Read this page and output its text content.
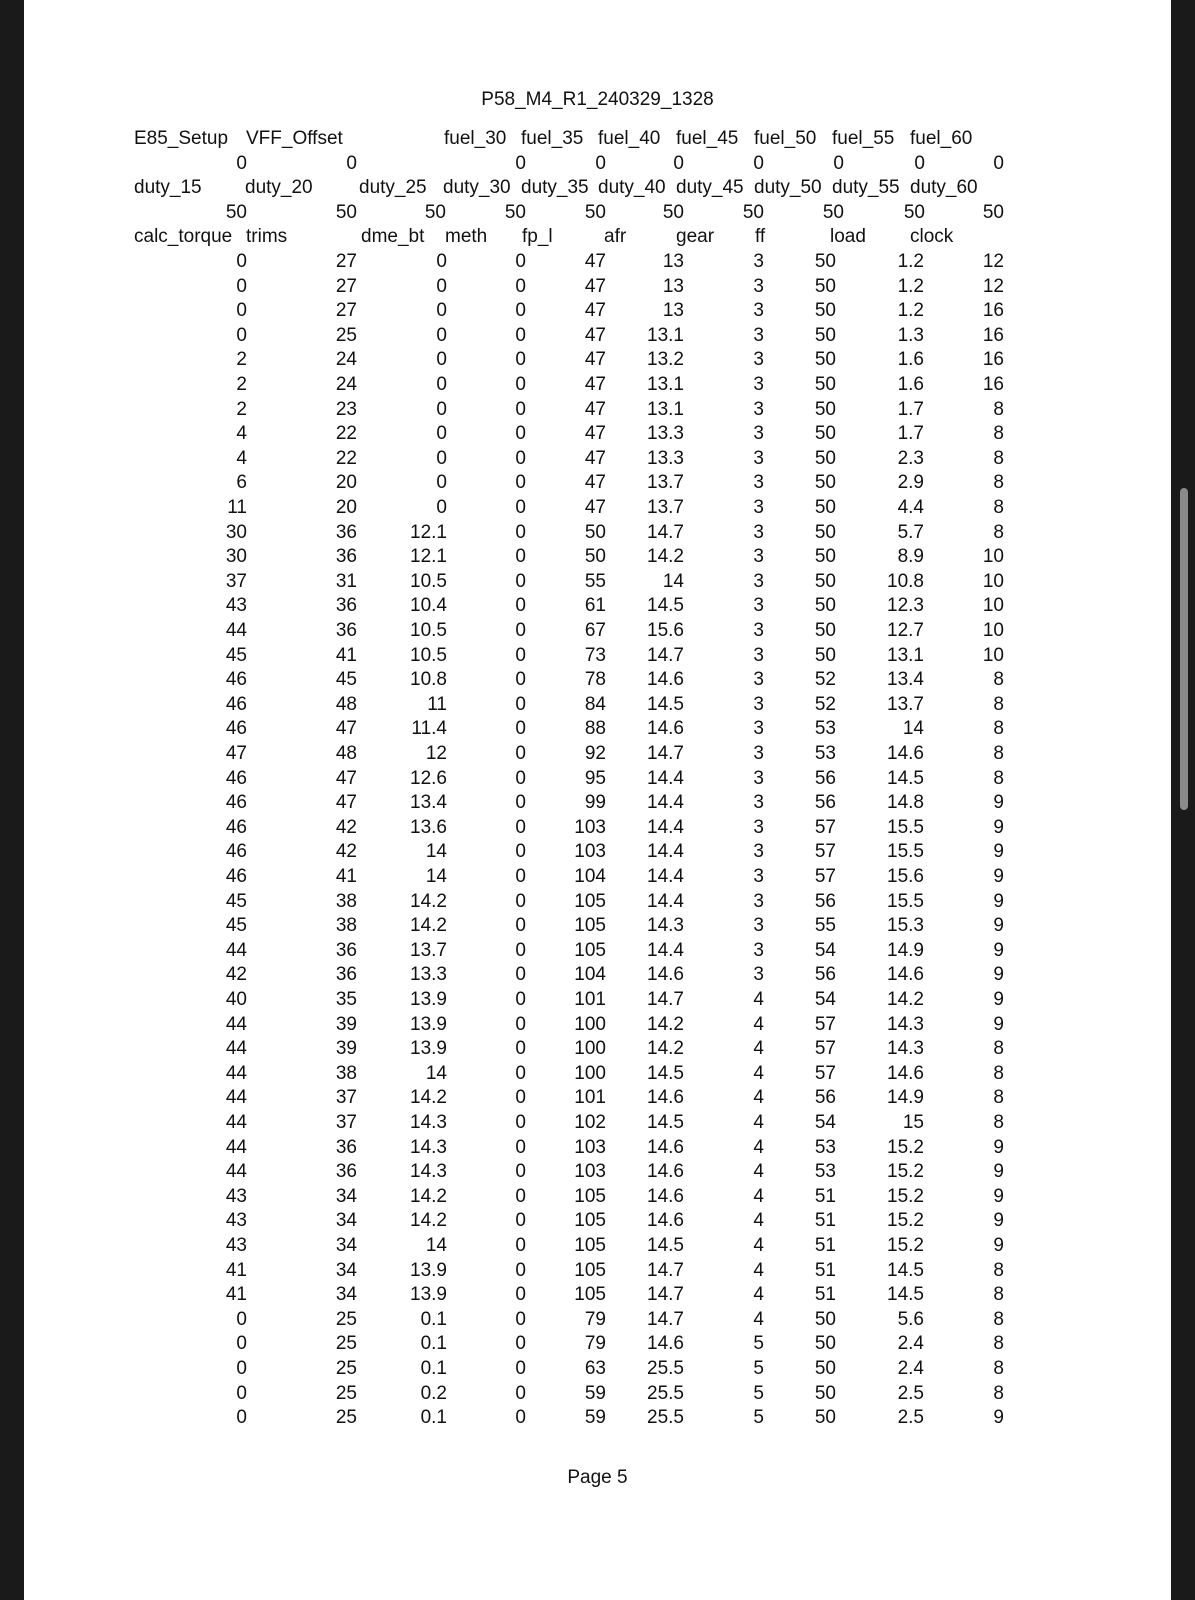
P58_M4_R1_240329_1328
E85_Setup VFF_Offset	fuel_30 fuel_35 fuel_40 fuel_45 fuel_50 fuel_55 fuel_60
0	0	0	0	0	0	0	0	0
duty_15 duty_20 duty_25 duty_30 duty_35 duty_40 duty_45 duty_50 duty_55 duty_60
50	50	50	50	50	50	50	50	50	50
calc_torque trims	dme_bt meth fp_l	afr	gear ff	load clock
0	27	0	0	47	13	3	50	1.2	12
0	27	0	0	47	13	3	50	1.2	12
0	27	0	0	47	13	3	50	1.2	16
0	25	0	0	47 13.1	3	50	1.3	16
2	24	0	0	47 13.2	3	50	1.6	16
2	24	0	0	47 13.1	3	50	1.6	16
2	23	0	0	47 13.1	3	50	1.7	8
4	22	0	0	47 13.3	3	50	1.7	8
4	22	0	0	47 13.3	3	50	2.3	8
6	20	0	0	47 13.7	3	50	2.9	8
11	20	0	0	47 13.7	3	50	4.4	8
30	36	12.1	0	50 14.7	3	50	5.7	8
30	36	12.1	0	50 14.2	3	50	8.9	10
37	31	10.5	0	55	14	3	50	10.8	10
43	36	10.4	0	61 14.5	3	50	12.3	10
44	36	10.5	0	67 15.6	3	50	12.7	10
45	41	10.5	0	73 14.7	3	50	13.1	10
46	45	10.8	0	78 14.6	3	52	13.4	8
46	48	11	0	84 14.5	3	52	13.7	8
46	47	11.4	0	88 14.6	3	53	14	8
47	48	12	0	92 14.7	3	53	14.6	8
46	47	12.6	0	95 14.4	3	56	14.5	8
46	47	13.4	0	99 14.4	3	56	14.8	9
46	42	13.6	0	103 14.4	3	57	15.5	9
46	42	14	0	103 14.4	3	57	15.5	9
46	41	14	0	104 14.4	3	57	15.6	9
45	38	14.2	0	105 14.4	3	56	15.5	9
45	38	14.2	0	105 14.3	3	55	15.3	9
44	36	13.7	0	105 14.4	3	54	14.9	9
42	36	13.3	0	104 14.6	3	56	14.6	9
40	35	13.9	0	101 14.7	4	54	14.2	9
44	39	13.9	0	100 14.2	4	57	14.3	9
44	39	13.9	0	100 14.2	4	57	14.3	8
44	38	14	0	100 14.5	4	57	14.6	8
44	37	14.2	0	101 14.6	4	56	14.9	8
44	37	14.3	0	102 14.5	4	54	15	8
44	36	14.3	0	103 14.6	4	53	15.2	9
44	36	14.3	0	103 14.6	4	53	15.2	9
43	34	14.2	0	105 14.6	4	51	15.2	9
43	34	14.2	0	105 14.6	4	51	15.2	9
43	34	14	0	105 14.5	4	51	15.2	9
41	34	13.9	0	105 14.7	4	51	14.5	8
41	34	13.9	0	105 14.7	4	51	14.5	8
0	25	0.1	0	79 14.7	4	50	5.6	8
0	25	0.1	0	79 14.6	5	50	2.4	8
0	25	0.1	0	63 25.5	5	50	2.4	8
0	25	0.2	0	59 25.5	5	50	2.5	8
0	25	0.1	0	59 25.5	5	50	2.5	9
Page 5
